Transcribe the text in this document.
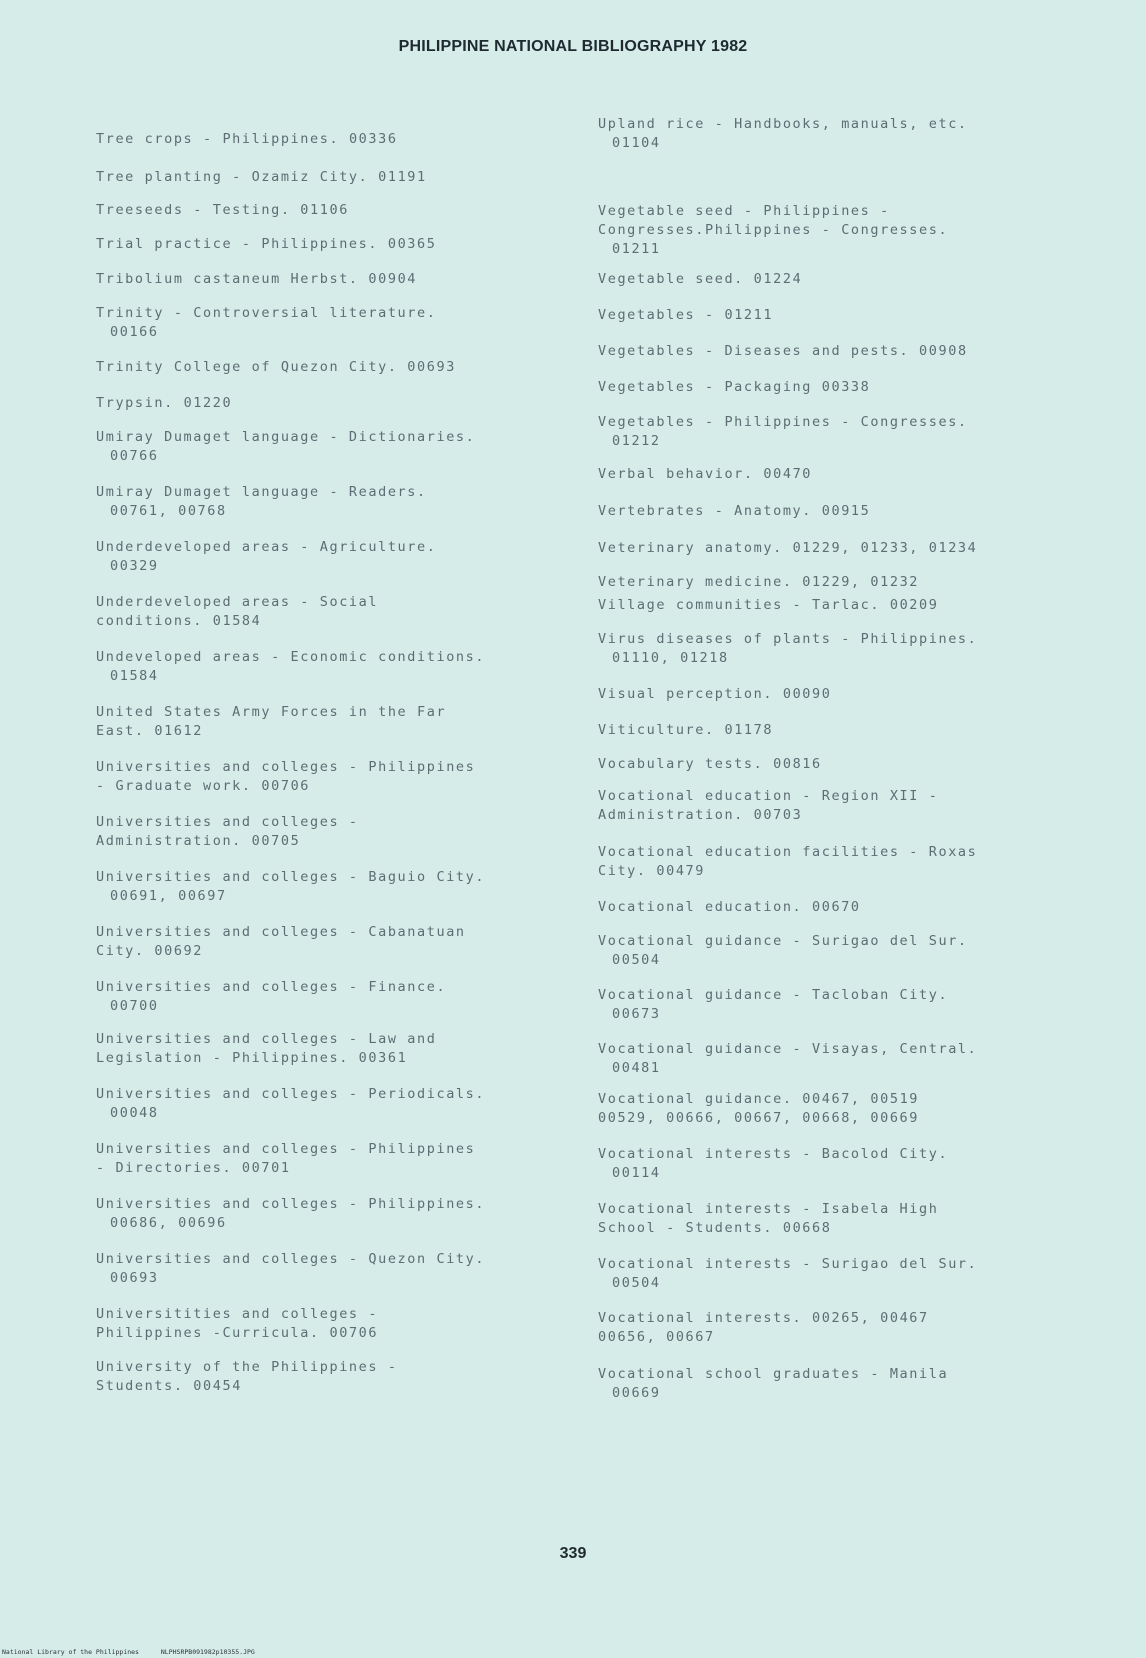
PHILIPPINE NATIONAL BIBLIOGRAPHY 1982
Tree crops - Philippines. 00336
Tree planting - Ozamiz City. 01191
Treeseeds - Testing. 01106
Trial practice - Philippines. 00365
Tribolium castaneum Herbst. 00904
Trinity - Controversial literature.
00166
Trinity College of Quezon City. 00693
Trypsin. 01220
Umiray Dumaget language - Dictionaries.
00766
Umiray Dumaget language - Readers.
00761, 00768
Underdeveloped areas - Agriculture.
00329
Underdeveloped areas - Social
conditions. 01584
Undeveloped areas - Economic conditions.
01584
United States Army Forces in the Far
East. 01612
Universities and colleges - Philippines
- Graduate work. 00706
Universities and colleges -
Administration. 00705
Universities and colleges - Baguio City.
00691, 00697
Universities and colleges - Cabanatuan
City. 00692
Universities and colleges - Finance.
00700
Universities and colleges - Law and
Legislation - Philippines. 00361
Universities and colleges - Periodicals.
00048
Universities and colleges - Philippines
- Directories. 00701
Universities and colleges - Philippines.
00686, 00696
Universities and colleges - Quezon City.
00693
Universitities and colleges -
Philippines -Curricula. 00706
University of the Philippines -
Students. 00454
Upland rice - Handbooks, manuals, etc.
01104
Vegetable seed - Philippines -
Congresses.Philippines - Congresses.
01211
Vegetable seed. 01224
Vegetables - 01211
Vegetables - Diseases and pests. 00908
Vegetables - Packaging 00338
Vegetables - Philippines - Congresses.
01212
Verbal behavior. 00470
Vertebrates - Anatomy. 00915
Veterinary anatomy. 01229, 01233, 01234
Veterinary medicine. 01229, 01232
Village communities - Tarlac. 00209
Virus diseases of plants - Philippines.
01110, 01218
Visual perception. 00090
Viticulture. 01178
Vocabulary tests. 00816
Vocational education - Region XII -
Administration. 00703
Vocational education facilities - Roxas
City. 00479
Vocational education. 00670
Vocational guidance - Surigao del Sur.
00504
Vocational guidance - Tacloban City.
00673
Vocational guidance - Visayas, Central.
00481
Vocational guidance. 00467, 00519
00529, 00666, 00667, 00668, 00669
Vocational interests - Bacolod City.
00114
Vocational interests - Isabela High
School - Students. 00668
Vocational interests - Surigao del Sur.
00504
Vocational interests. 00265, 00467
00656, 00667
Vocational school graduates - Manila
00669
339
National Library of the Philippines	NLPHSRPB091982p10355.JPG
